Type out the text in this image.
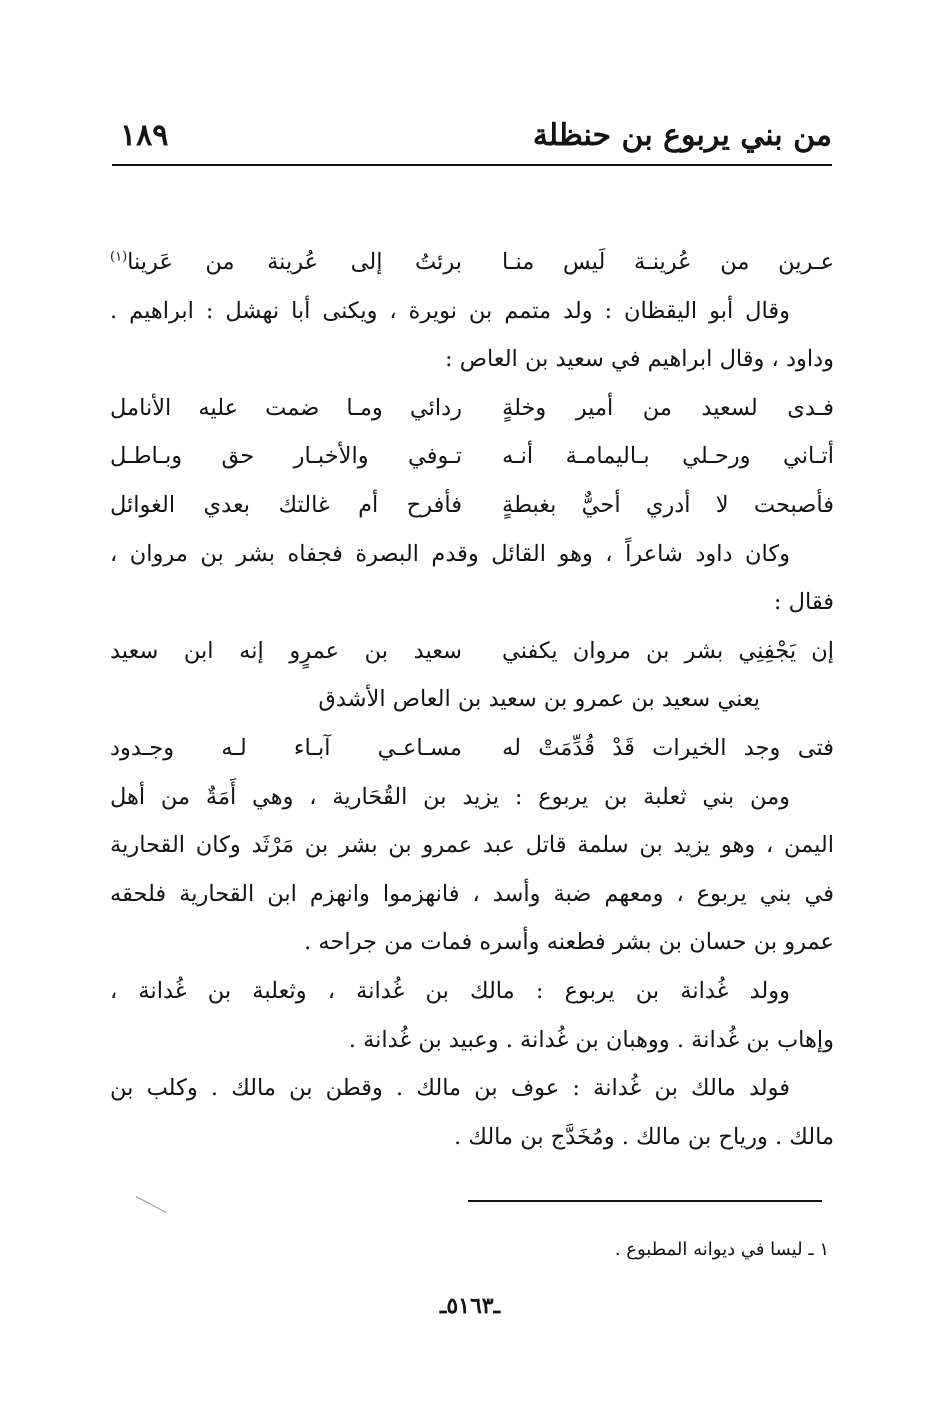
من بني يربوع بن حنظلة
١٨٩
عـرين من عُرينـة لَيس منـا
برئتُ إلى عُرينة من عَرينا$^{(١)}$
وقال أبو اليقظان : ولد متمم بن نويرة ، ويكنى أبا نهشل : ابراهيم .
وداود ، وقال ابراهيم في سعيد بن العاص :
فـدى لسعيد من أمير وخلةٍ
ردائي ومـا ضمت عليه الأنامل
أتـاني ورحـلي بـاليمامـة أنـه
تـوفي والأخبـار حق وبـاطـل
فأصبحت لا أدري أحيٌّ بغبطةٍ
فأفرح أم غالتك بعدي الغوائل
وكان داود شاعراً ، وهو القائل وقدم البصرة فجفاه بشر بن مروان ،
فقال :
إن يَجْفِنِي بشر بن مروان يكفني
سعيد بن عمرٍو إنه ابن سعيد
يعني سعيد بن عمرو بن سعيد بن العاص الأشدق
فتى وجد الخيرات قَدْ قُدِّمَتْ له
مسـاعـي آبـاء لـه وجـدود
ومن بني ثعلبة بن يربوع : يزيد بن القُحَارية ، وهي أَمَةٌ من أهل
اليمن ، وهو يزيد بن سلمة قاتل عبد عمرو بن بشر بن مَرْثَد وكان القحارية
في بني يربوع ، ومعهم ضبة وأسد ، فانهزموا وانهزم ابن القحارية فلحقه
عمرو بن حسان بن بشر فطعنه وأسره فمات من جراحه .
وولد غُدانة بن يربوع : مالك بن غُدانة ، وثعلبة بن غُدانة ،
وإهاب بن غُدانة . ووهبان بن غُدانة . وعبيد بن غُدانة .
فولد مالك بن غُدانة : عوف بن مالك . وقطن بن مالك . وكلب بن
مالك . ورياح بن مالك . ومُخَدَّج بن مالك .
١ ـ ليسا في ديوانه المطبوع .
ـ٥١٦٣ـ
